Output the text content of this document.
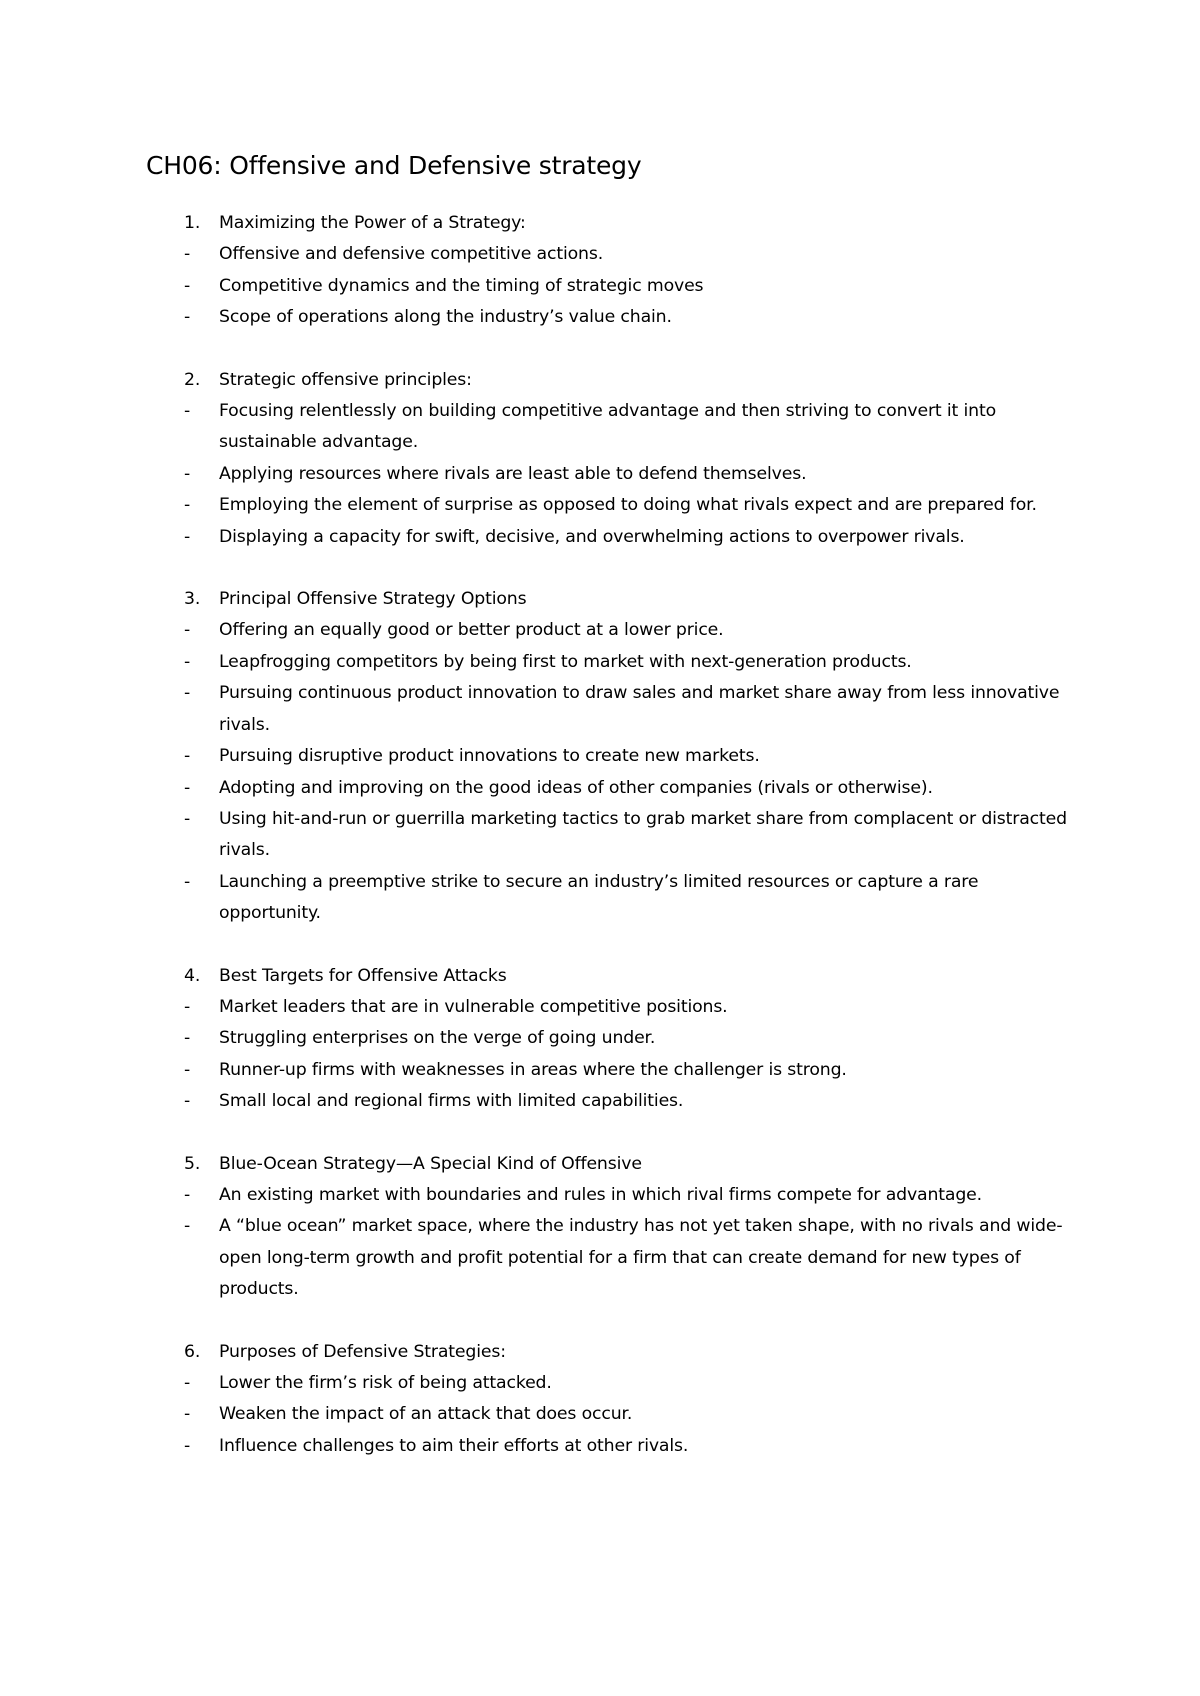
CH06: Offensive and Defensive strategy
1.	Maximizing the Power of a Strategy:
-	Offensive and defensive competitive actions.
-	Competitive dynamics and the timing of strategic moves
-	Scope of operations along the industry’s value chain.
2.	Strategic offensive principles:
-	Focusing relentlessly on building competitive advantage and then striving to convert it into sustainable advantage.
-	Applying resources where rivals are least able to defend themselves.
-	Employing the element of surprise as opposed to doing what rivals expect and are prepared for.
-	Displaying a capacity for swift, decisive, and overwhelming actions to overpower rivals.
3.	Principal Offensive Strategy Options
-	Offering an equally good or better product at a lower price.
-	Leapfrogging competitors by being first to market with next-generation products.
-	Pursuing continuous product innovation to draw sales and market share away from less innovative rivals.
-	Pursuing disruptive product innovations to create new markets.
-	Adopting and improving on the good ideas of other companies (rivals or otherwise).
-	Using hit-and-run or guerrilla marketing tactics to grab market share from complacent or distracted rivals.
-	Launching a preemptive strike to secure an industry’s limited resources or capture a rare opportunity.
4.	Best Targets for Offensive Attacks
-	Market leaders that are in vulnerable competitive positions.
-	Struggling enterprises on the verge of going under.
-	Runner-up firms with weaknesses in areas where the challenger is strong.
-	Small local and regional firms with limited capabilities.
5.	Blue-Ocean Strategy—A Special Kind of Offensive
-	An existing market with boundaries and rules in which rival firms compete for advantage.
-	A “blue ocean” market space, where the industry has not yet taken shape, with no rivals and wide-open long-term growth and profit potential for a firm that can create demand for new types of products.
6.	Purposes of Defensive Strategies:
-	Lower the firm’s risk of being attacked.
-	Weaken the impact of an attack that does occur.
-	Influence challenges to aim their efforts at other rivals.
